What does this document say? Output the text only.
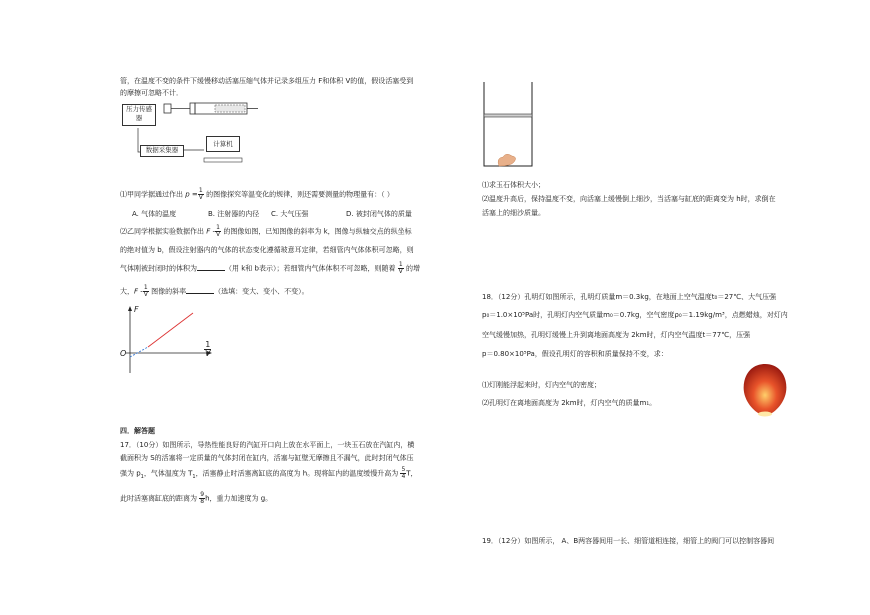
管，在温度不变的条件下缓慢移动活塞压缩气体并记录多组压力 F和体积 V的值，假设活塞受到
的摩擦可忽略不计．
压力传感器
数据采集器
计算机
⑴甲同学据通过作出 $p = \frac{1}{V}$ 的图像探究等温变化的规律，则还需要测量的物理量有：（ ）
A. 气体的温度	B. 注射器的内径 C. 大气压强	D. 被封闭气体的质量
⑵乙同学根据实验数据作出 F - $\frac{1}{V}$ 的图像如图，已知图像的斜率为 k，图像与纵轴交点的纵坐标
的绝对值为 b，假设注射器内的气体的状态变化遵循玻意耳定律，若细管内气体体积可忽略，则
气体刚被封闭时的体积为	（用 k和 b表示）；若细管内气体体积不可忽略，则随着 $\frac{1}{V}$ 的增
大，F - $\frac{1}{V}$ 图像的斜率	（选填：变大、变小、不变）。
F
O	$\frac{1}{V}$
四．解答题
17．（10分）如图所示，导热性能良好的汽缸开口向上放在水平面上，一块玉石放在汽缸内，横
截面积为 S的活塞将一定质量的气体封闭在缸内，活塞与缸壁无摩擦且不漏气，此时封闭气体压
强为 $p_1$，气体温度为 $T_1$，活塞静止时活塞离缸底的高度为 h。现将缸内的温度缓慢升高为 $\frac{5}{4}$ T，
此时活塞离缸底的距离为 $\frac{9}{8}$ h，重力加速度为 g。
⑴求玉石体积大小；
⑵温度升高后，保持温度不变，向活塞上缓慢倒上细沙，当活塞与缸底的距离变为 h时，求倒在
活塞上的细沙质量。
18．（12分）孔明灯如图所示，孔明灯质量m＝0.3kg，在地面上空气温度t₀＝27℃、大气压强
p₀＝1.0×10⁵Pa时，孔明灯内空气质量m₀＝0.7kg，空气密度ρ₀＝1.19kg/m³，点燃蜡烛，对灯内
空气缓慢加热，孔明灯缓慢上升到离地面高度为 2km时，灯内空气温度t＝77℃，压强
p＝0.80×10⁵Pa，假设孔明灯的容积和质量保持不变，求：
⑴灯刚能浮起来时，灯内空气的密度；
⑵孔明灯在离地面高度为 2km时，灯内空气的质量m₁。
19．（12分）如图所示， A、B两容器间用一长、细管道相连接，细管上的阀门可以控制容器间
